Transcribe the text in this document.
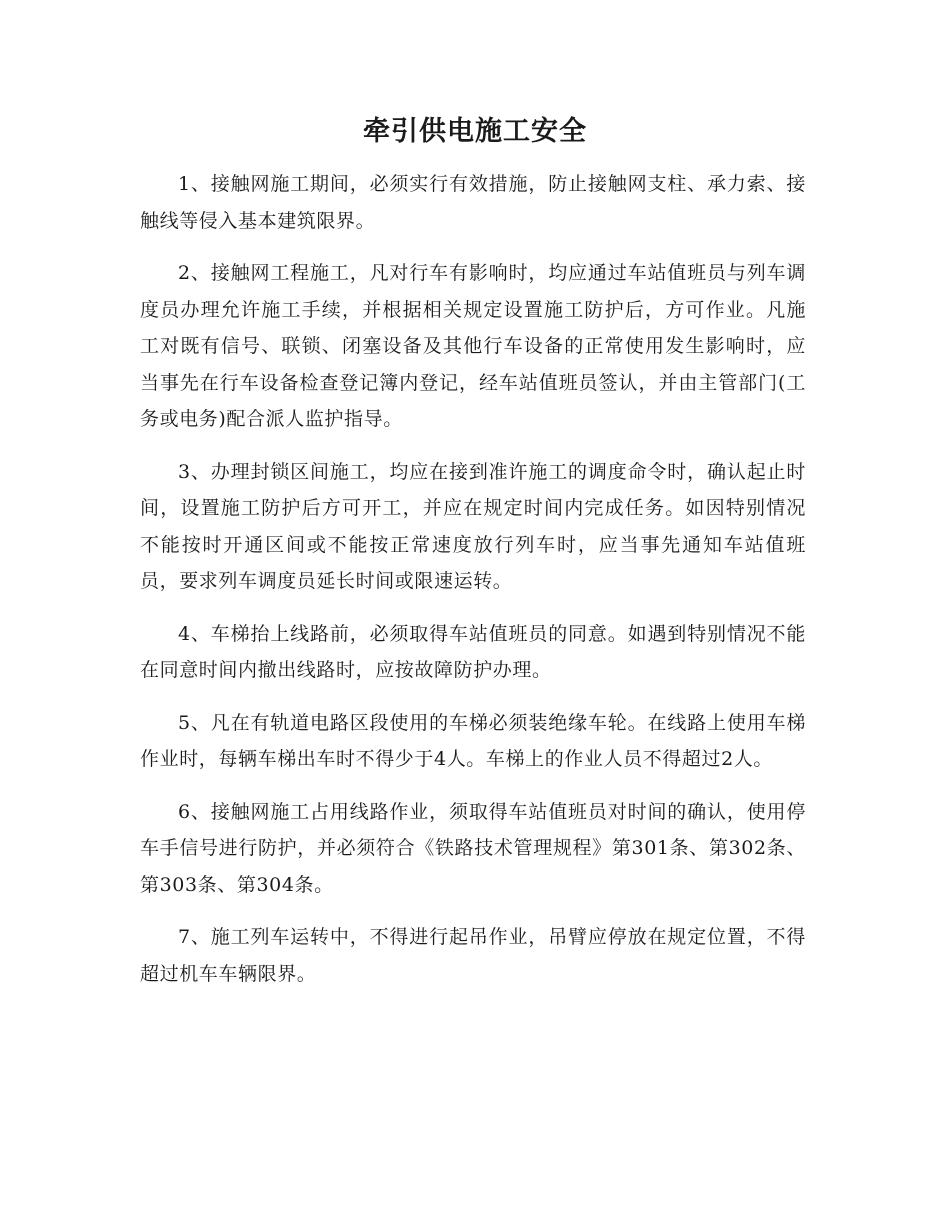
牵引供电施工安全

1、接触网施工期间，必须实行有效措施，防止接触网支柱、承力索、接触线等侵入基本建筑限界。

2、接触网工程施工，凡对行车有影响时，均应通过车站值班员与列车调度员办理允许施工手续，并根据相关规定设置施工防护后，方可作业。凡施工对既有信号、联锁、闭塞设备及其他行车设备的正常使用发生影响时，应当事先在行车设备检查登记簿内登记，经车站值班员签认，并由主管部门(工务或电务)配合派人监护指导。

3、办理封锁区间施工，均应在接到准许施工的调度命令时，确认起止时间，设置施工防护后方可开工，并应在规定时间内完成任务。如因特别情况不能按时开通区间或不能按正常速度放行列车时，应当事先通知车站值班员，要求列车调度员延长时间或限速运转。

4、车梯抬上线路前，必须取得车站值班员的同意。如遇到特别情况不能在同意时间内撤出线路时，应按故障防护办理。

5、凡在有轨道电路区段使用的车梯必须装绝缘车轮。在线路上使用车梯作业时，每辆车梯出车时不得少于4人。车梯上的作业人员不得超过2人。

6、接触网施工占用线路作业，须取得车站值班员对时间的确认，使用停车手信号进行防护，并必须符合《铁路技术管理规程》第301条、第302条、第303条、第304条。

7、施工列车运转中，不得进行起吊作业，吊臂应停放在规定位置，不得超过机车车辆限界。
